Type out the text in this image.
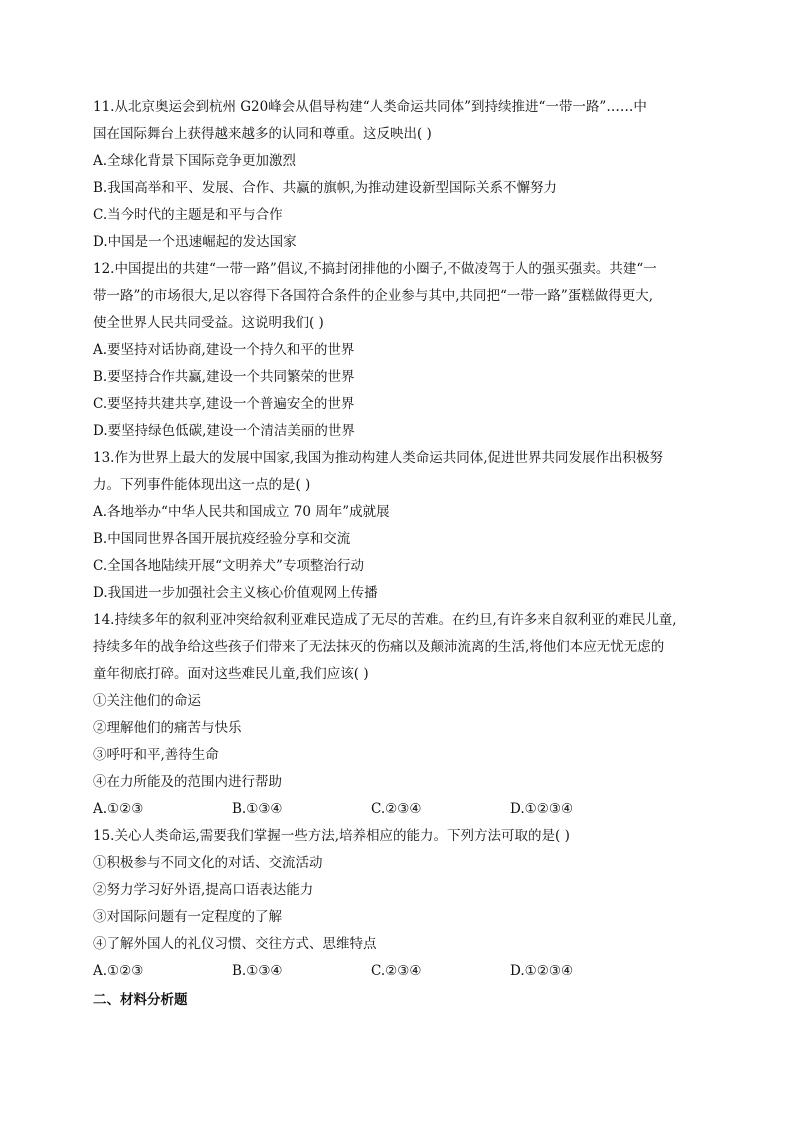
11.从北京奥运会到杭州 G20峰会从倡导构建“人类命运共同体”到持续推进“一带一路”……中
国在国际舞台上获得越来越多的认同和尊重。这反映出( )
A.全球化背景下国际竞争更加激烈
B.我国高举和平、发展、合作、共赢的旗帜,为推动建设新型国际关系不懈努力
C.当今时代的主题是和平与合作
D.中国是一个迅速崛起的发达国家
12.中国提出的共建“一带一路”倡议,不搞封闭排他的小圈子,不做凌驾于人的强买强卖。共建“一
带一路”的市场很大,足以容得下各国符合条件的企业参与其中,共同把“一带一路”蛋糕做得更大,
使全世界人民共同受益。这说明我们( )
A.要坚持对话协商,建设一个持久和平的世界
B.要坚持合作共赢,建设一个共同繁荣的世界
C.要坚持共建共享,建设一个普遍安全的世界
D.要坚持绿色低碳,建设一个清洁美丽的世界
13.作为世界上最大的发展中国家,我国为推动构建人类命运共同体,促进世界共同发展作出积极努
力。下列事件能体现出这一点的是( )
A.各地举办“中华人民共和国成立 70 周年”成就展
B.中国同世界各国开展抗疫经验分享和交流
C.全国各地陆续开展“文明养犬”专项整治行动
D.我国进一步加强社会主义核心价值观网上传播
14.持续多年的叙利亚冲突给叙利亚难民造成了无尽的苦难。在约旦,有许多来自叙利亚的难民儿童,
持续多年的战争给这些孩子们带来了无法抹灭的伤痛以及颠沛流离的生活,将他们本应无忧无虑的
童年彻底打碎。面对这些难民儿童,我们应该( )
①关注他们的命运
②理解他们的痛苦与快乐
③呼吁和平,善待生命
④在力所能及的范围内进行帮助
A.①②③	B.①③④	C.②③④	D.①②③④
15.关心人类命运,需要我们掌握一些方法,培养相应的能力。下列方法可取的是( )
①积极参与不同文化的对话、交流活动
②努力学习好外语,提高口语表达能力
③对国际问题有一定程度的了解
④了解外国人的礼仪习惯、交往方式、思维特点
A.①②③	B.①③④	C.②③④	D.①②③④
二、材料分析题
